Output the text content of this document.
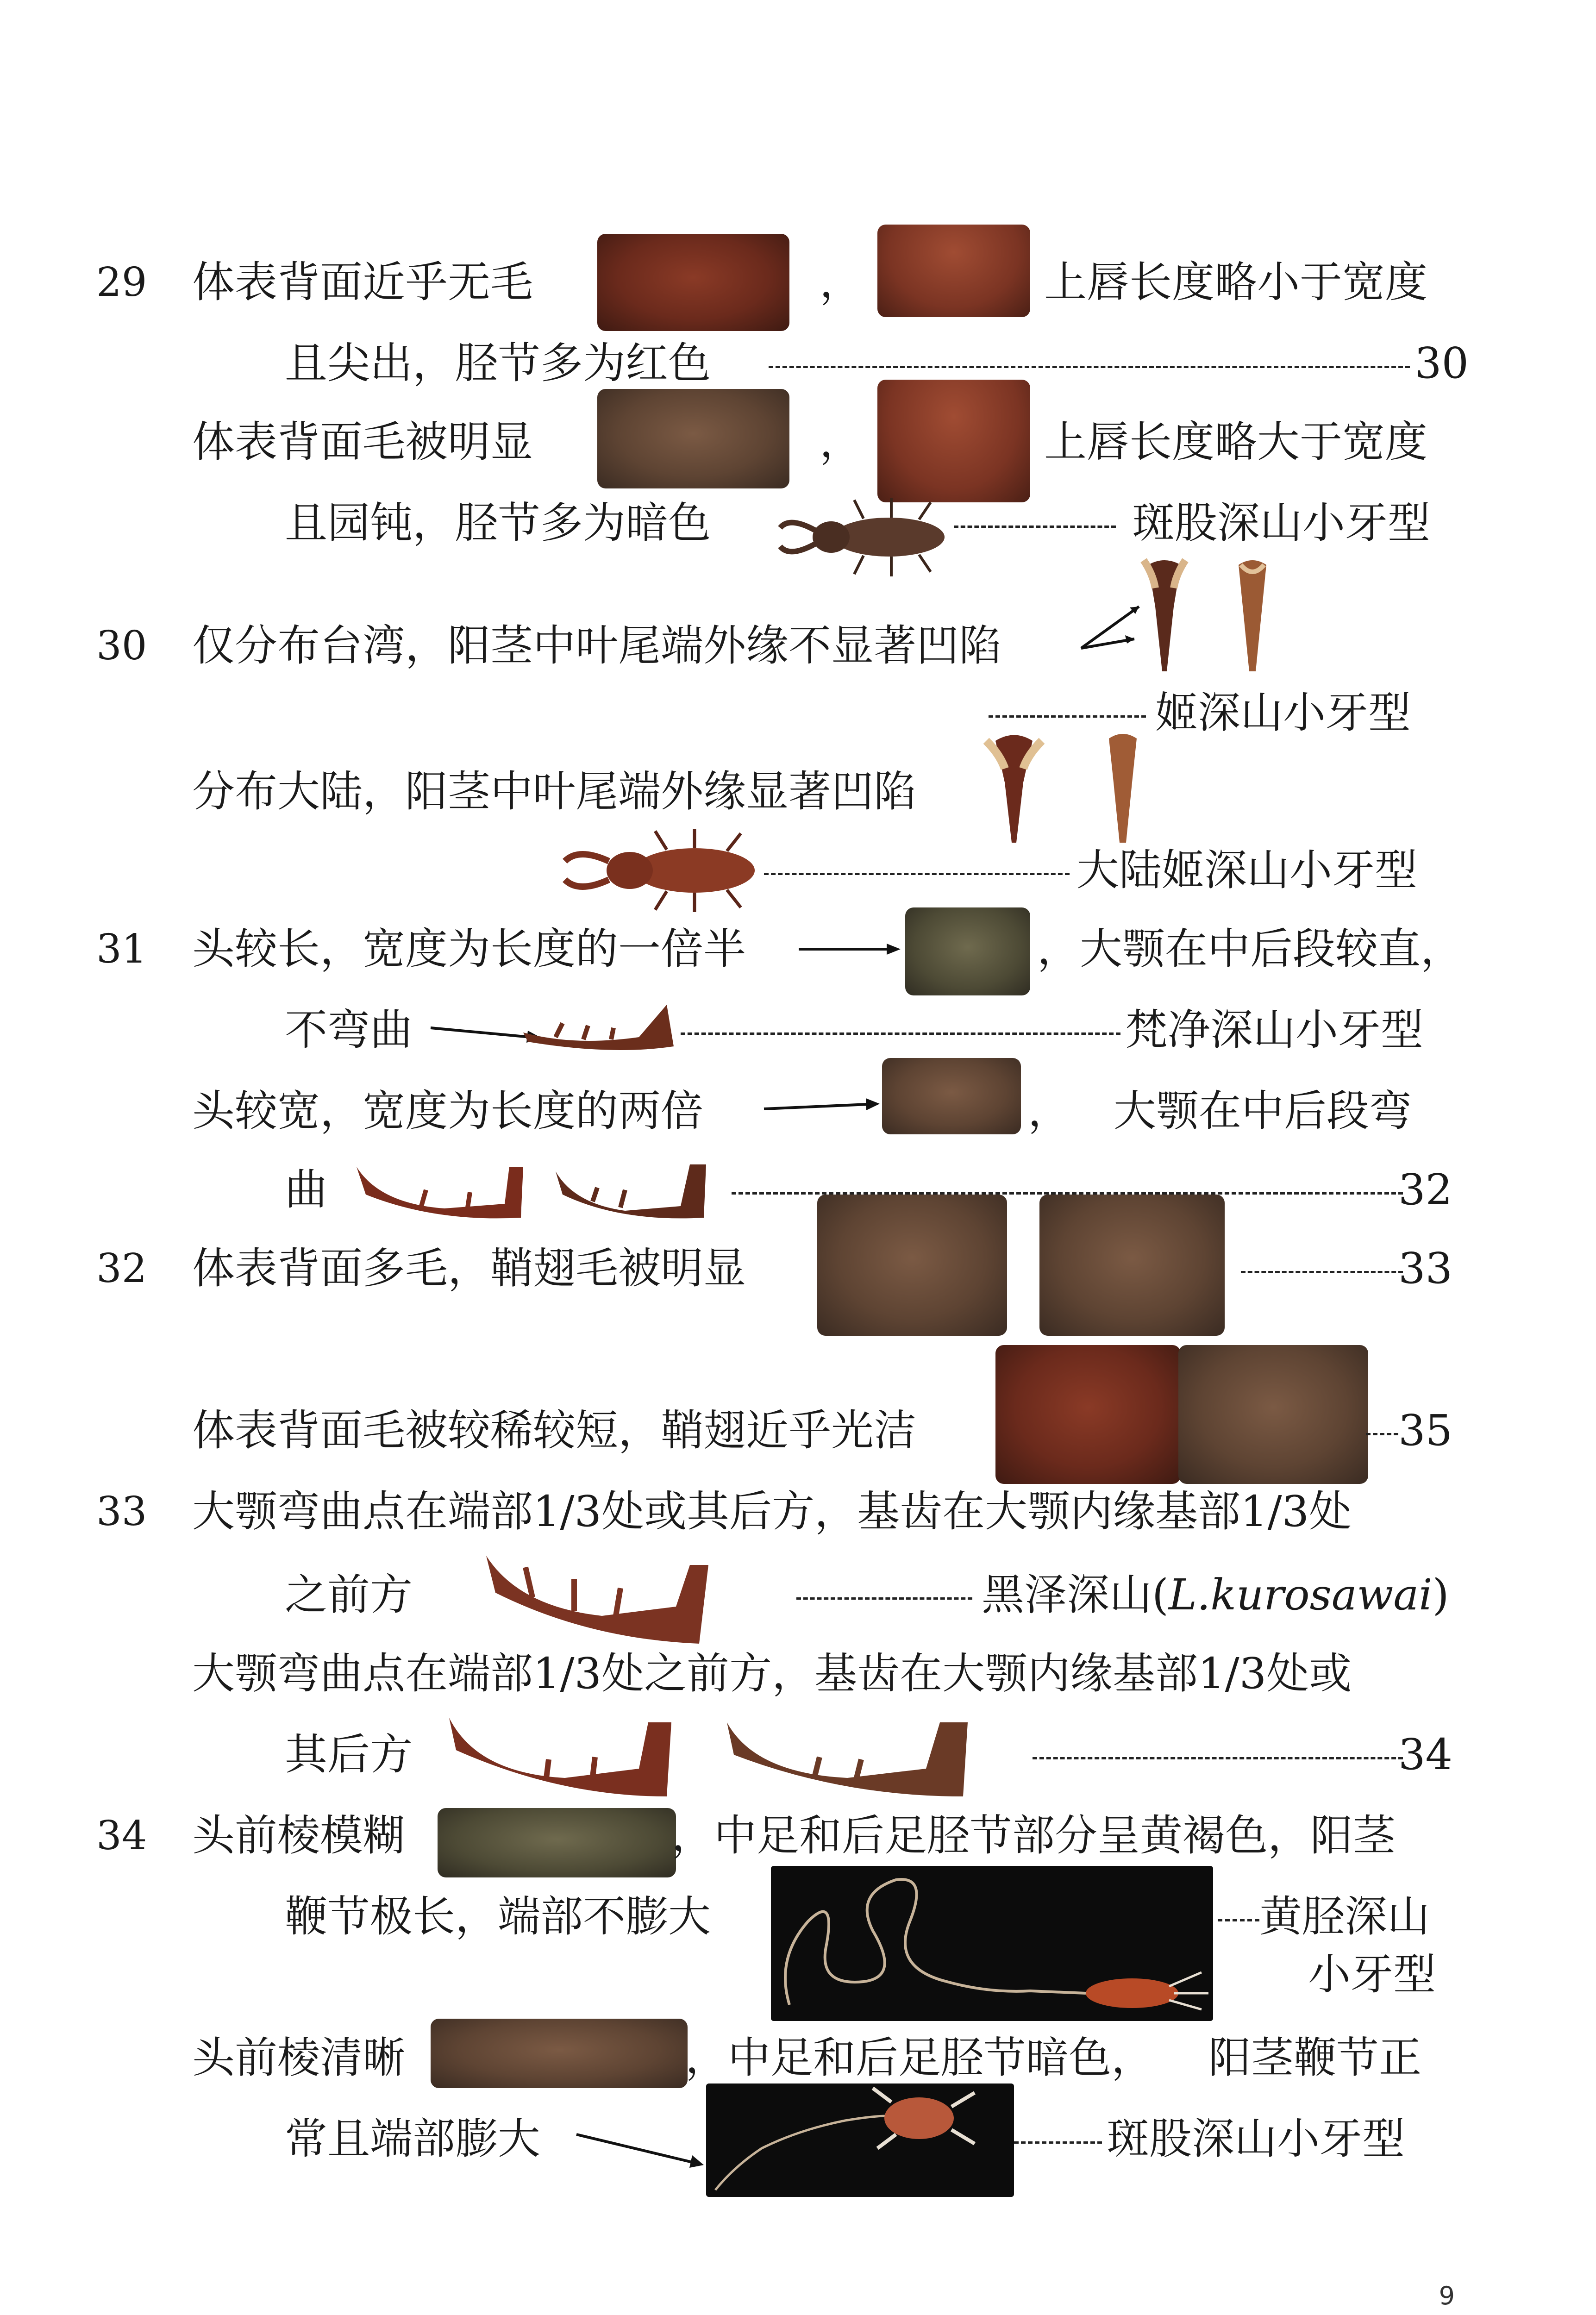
29 体表背面近乎无毛	，	上唇长度略小于宽度
且尖出，胫节多为红色	30
体表背面毛被明显	，	上唇长度略大于宽度
且园钝，胫节多为暗色	斑股深山小牙型
30 仅分布台湾，阳茎中叶尾端外缘不显著凹陷
姬深山小牙型
分布大陆，阳茎中叶尾端外缘显著凹陷
大陆姬深山小牙型
31 头较长，宽度为长度的一倍半	，大颚在中后段较直，
不弯曲	梵净深山小牙型
头较宽，宽度为长度的两倍	， 大颚在中后段弯
曲	32
32 体表背面多毛，鞘翅毛被明显	33
体表背面毛被较稀较短，鞘翅近乎光洁	35
33 大颚弯曲点在端部1/3处或其后方，基齿在大颚内缘基部1/3处
之前方	黑泽深山(L.kurosawai)
大颚弯曲点在端部1/3处之前方，基齿在大颚内缘基部1/3处或
其后方	34
34 头前棱模糊	，中足和后足胫节部分呈黄褐色，阳茎
鞭节极长，端部不膨大	黄胫深山
小牙型
头前棱清晰	，中足和后足胫节暗色， 阳茎鞭节正
常且端部膨大	斑股深山小牙型
9
